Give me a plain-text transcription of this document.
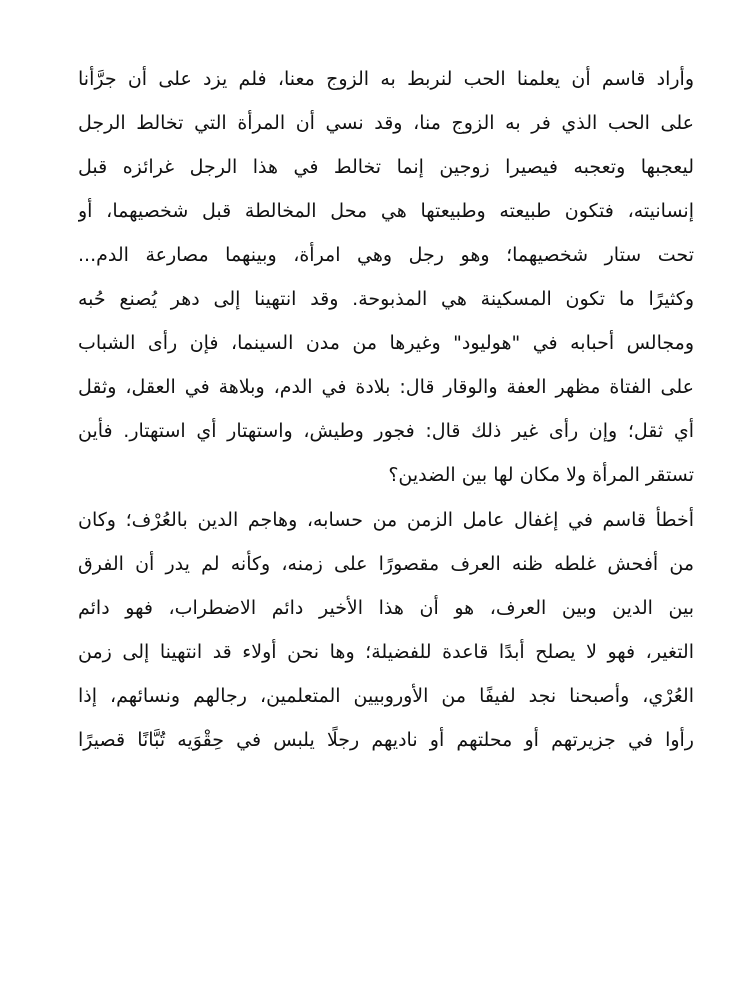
وأراد قاسم أن يعلمنا الحب لنربط به الزوج معنا، فلم يزد على أن جرَّأنا
على الحب الذي فر به الزوج منا، وقد نسي أن المرأة التي تخالط الرجل
ليعجبها وتعجبه فيصيرا زوجين إنما تخالط في هذا الرجل غرائزه قبل
إنسانيته، فتكون طبيعته وطبيعتها هي محل المخالطة قبل شخصيهما، أو
تحت ستار شخصيهما؛ وهو رجل وهي امرأة، وبينهما مصارعة الدم...
وكثيرًا ما تكون المسكينة هي المذبوحة. وقد انتهينا إلى دهر يُصنع حُبه
ومجالس أحبابه في "هوليود" وغيرها من مدن السينما، فإن رأى الشباب
على الفتاة مظهر العفة والوقار قال: بلادة في الدم، وبلاهة في العقل، وثقل
أي ثقل؛ وإن رأى غير ذلك قال: فجور وطيش، واستهتار أي استهتار. فأين
تستقر المرأة ولا مكان لها بين الضدين؟
أخطأ قاسم في إغفال عامل الزمن من حسابه، وهاجم الدين بالعُرْف؛ وكان
من أفحش غلطه ظنه العرف مقصورًا على زمنه، وكأنه لم يدر أن الفرق
بين الدين وبين العرف، هو أن هذا الأخير دائم الاضطراب، فهو دائم
التغير، فهو لا يصلح أبدًا قاعدة للفضيلة؛ وها نحن أولاء قد انتهينا إلى زمن
العُرْي، وأصبحنا نجد لفيفًا من الأوروبيين المتعلمين، رجالهم ونسائهم، إذا
رأوا في جزيرتهم أو محلتهم أو ناديهم رجلًا يلبس في حِقْوَيه تُبَّانًا قصيرًا
